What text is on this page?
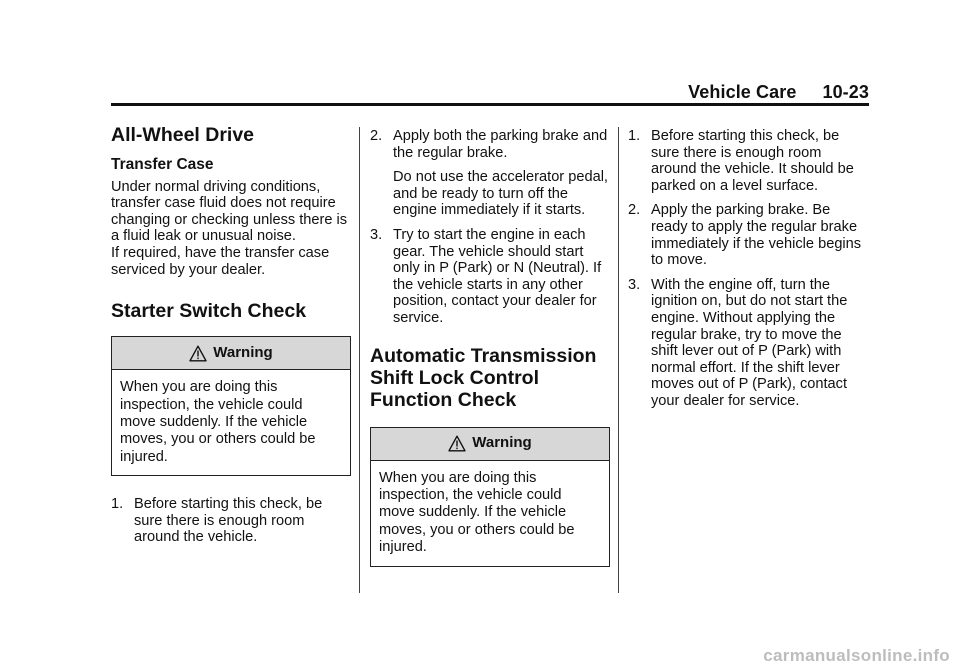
Vehicle Care 10-23
All-Wheel Drive
Transfer Case

Under normal driving conditions, transfer case fluid does not require changing or checking unless there is a fluid leak or unusual noise.

If required, have the transfer case serviced by your dealer.

Starter Switch Check
Warning
When you are doing this inspection, the vehicle could move suddenly. If the vehicle moves, you or others could be injured.
1. Before starting this check, be sure there is enough room around the vehicle.
2. Apply both the parking brake and the regular brake.

Do not use the accelerator pedal, and be ready to turn off the engine immediately if it starts.

3. Try to start the engine in each gear. The vehicle should start only in P (Park) or N (Neutral). If the vehicle starts in any other position, contact your dealer for service.
Automatic Transmission Shift Lock Control Function Check
Warning
When you are doing this inspection, the vehicle could move suddenly. If the vehicle moves, you or others could be injured.
1. Before starting this check, be sure there is enough room around the vehicle. It should be parked on a level surface.
2. Apply the parking brake. Be ready to apply the regular brake immediately if the vehicle begins to move.
3. With the engine off, turn the ignition on, but do not start the engine. Without applying the regular brake, try to move the shift lever out of P (Park) with normal effort. If the shift lever moves out of P (Park), contact your dealer for service.
carmanualsonline.info
